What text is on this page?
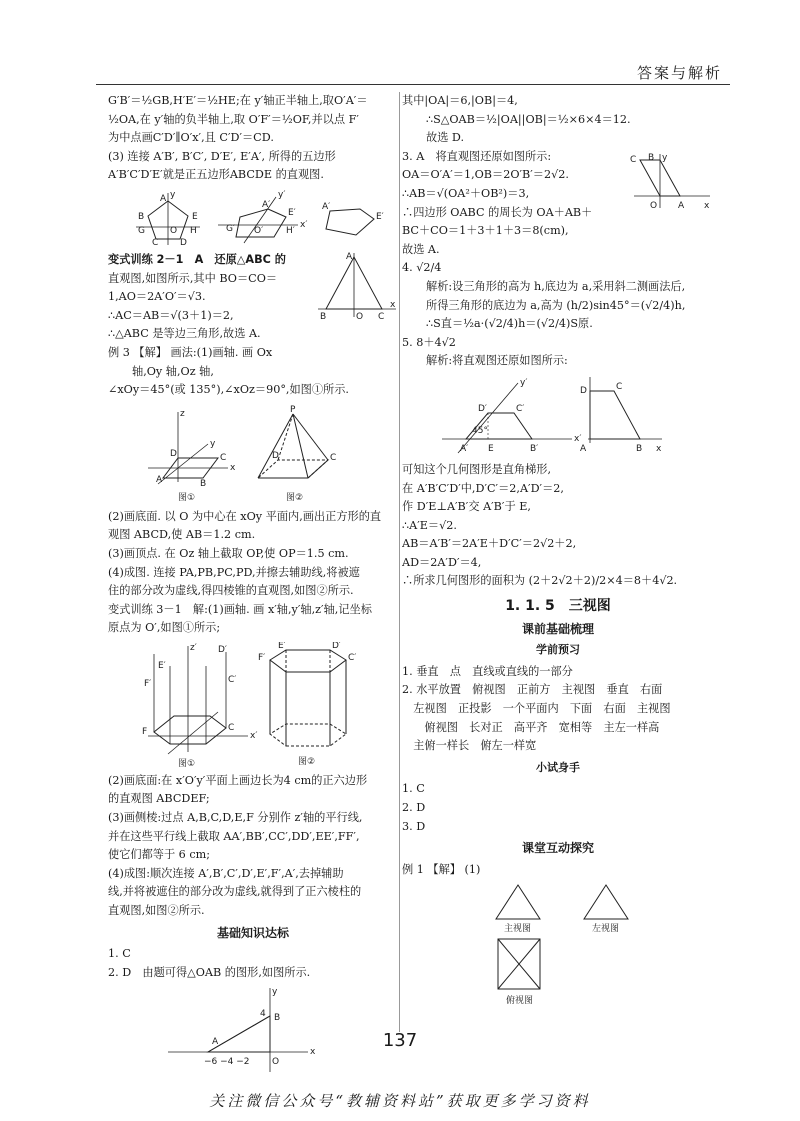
答案与解析
G′B′＝½GB,H′E′＝½HE;在 y′轴正半轴上,取O′A′＝
½OA,在 y′轴的负半轴上,取 O′F′＝½OF,并以点 F′
为中点画C′D′∥O′x′,且 C′D′＝CD.
(3) 连接 A′B′, B′C′, D′E′, E′A′, 所得的五边形
A′B′C′D′E′就是正五边形ABCDE 的直观图.
A y
B	E
C D
G	O H
A′
y′
E′
x′
G′ O′	H′
A′
E′
变式训练 2－1　A　还原△ABC 的
直观图,如图所示,其中 BO＝CO＝
1,AO＝2A′O′＝√3.
∴AC＝AB＝√(3＋1)＝2,
∴△ABC 是等边三角形,故选 A.
A
B	O C
x
例 3 【解】 画法:(1)画轴. 画 Ox
轴,Oy 轴,Oz 轴,
∠xOy＝45°(或 135°),∠xOz＝90°,如图①所示.
z
y
x
A	B
C
D
图①
P
D	C
图②
(2)画底面. 以 O 为中心在 xOy 平面内,画出正方形的直
观图 ABCD,使 AB＝1.2 cm.
(3)画顶点. 在 Oz 轴上截取 OP,使 OP＝1.5 cm.
(4)成图. 连接 PA,PB,PC,PD,并擦去辅助线,将被遮
住的部分改为虚线,得四棱锥的直观图,如图②所示.
变式训练 3－1　解:(1)画轴. 画 x′轴,y′轴,z′轴,记坐标
原点为 O′,如图①所示;
z′
x′
E′
D′
F′	C′
F	C
图①
E′	D′
F′	C′
图②
(2)画底面:在 x′O′y′平面上画边长为4 cm的正六边形
的直观图 ABCDEF;
(3)画侧棱:过点 A,B,C,D,E,F 分别作 z′轴的平行线,
并在这些平行线上截取 AA′,BB′,CC′,DD′,EE′,FF′,
使它们都等于 6 cm;
(4)成图:顺次连接 A′,B′,C′,D′,E′,F′,A′,去掉辅助
线,并将被遮住的部分改为虚线,就得到了正六棱柱的
直观图,如图②所示.
基础知识达标
1. C
2. D　由题可得△OAB 的图形,如图所示.
y
x
B
4
A
O
−6 −4 −2
其中|OA|＝6,|OB|＝4,
∴S△OAB＝½|OA||OB|＝½×6×4＝12.
故选 D.
3. A　将直观图还原如图所示:
OA＝O′A′＝1,OB＝2O′B′＝2√2.
∴AB＝√(OA²＋OB²)＝3,
∴四边形 OABC 的周长为 OA＋AB＋
BC＋CO＝1＋3＋1＋3＝8(cm),
故选 A.
C B y
O A x
4. √2/4
解析:设三角形的高为 h,底边为 a,采用斜二测画法后,
所得三角形的底边为 a,高为 (h/2)sin45°＝(√2/4)h,
∴S直＝½a·(√2/4)h＝(√2/4)S原.
5. 8＋4√2
解析:将直观图还原如图所示:
y′
x′
D′	C′
A′ E	B′
45°
D	C
A	B x
可知这个几何图形是直角梯形,
在 A′B′C′D′中,D′C′＝2,A′D′＝2,
作 D′E⊥A′B′交 A′B′于 E,
∴A′E＝√2.
AB＝A′B′＝2A′E＋D′C′＝2√2＋2,
AD＝2A′D′＝4,
∴所求几何图形的面积为 (2＋2√2＋2)/2×4＝8＋4√2.
1. 1. 5　三视图
课前基础梳理
学前预习
1. 垂直　点　直线或直线的一部分
2. 水平放置　俯视图　正前方　主视图　垂直　右面
　左视图　正投影　一个平面内　下面　右面　主视图
　　俯视图　长对正　高平齐　宽相等　主左一样高
　主俯一样长　俯左一样宽
小试身手
1. C
2. D
3. D
课堂互动探究
例 1 【解】 (1)
主视图	左视图
俯视图
137
关注微信公众号“教辅资料站”获取更多学习资料
